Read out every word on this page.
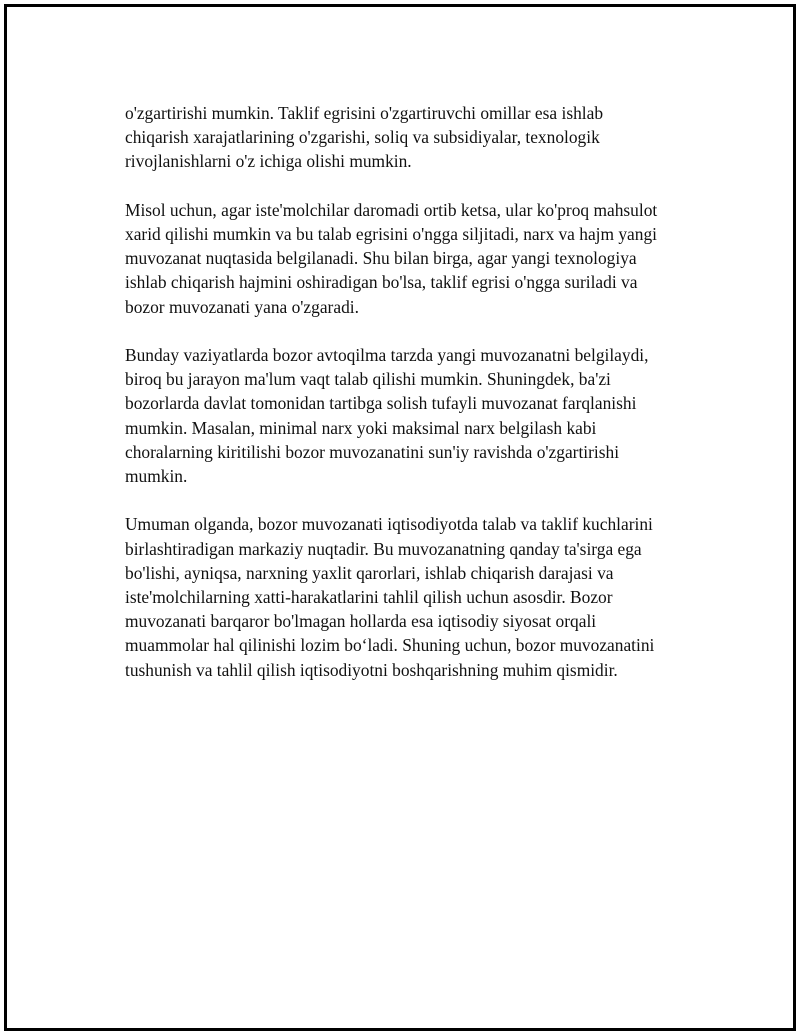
o'zgartirishi mumkin. Taklif egrisini o'zgartiruvchi omillar esa ishlab
chiqarish xarajatlarining o'zgarishi, soliq va subsidiyalar, texnologik
rivojlanishlarni o'z ichiga olishi mumkin.

Misol uchun, agar iste'molchilar daromadi ortib ketsa, ular ko'proq mahsulot
xarid qilishi mumkin va bu talab egrisini o'ngga siljitadi, narx va hajm yangi
muvozanat nuqtasida belgilanadi. Shu bilan birga, agar yangi texnologiya
ishlab chiqarish hajmini oshiradigan bo'lsa, taklif egrisi o'ngga suriladi va
bozor muvozanati yana o'zgaradi.

Bunday vaziyatlarda bozor avtoqilma tarzda yangi muvozanatni belgilaydi,
biroq bu jarayon ma'lum vaqt talab qilishi mumkin. Shuningdek, ba'zi
bozorlarda davlat tomonidan tartibga solish tufayli muvozanat farqlanishi
mumkin. Masalan, minimal narx yoki maksimal narx belgilash kabi
choralarning kiritilishi bozor muvozanatini sun'iy ravishda o'zgartirishi
mumkin.

Umuman olganda, bozor muvozanati iqtisodiyotda talab va taklif kuchlarini
birlashtiradigan markaziy nuqtadir. Bu muvozanatning qanday ta'sirga ega
bo'lishi, ayniqsa, narxning yaxlit qarorlari, ishlab chiqarish darajasi va
iste'molchilarning xatti-harakatlarini tahlil qilish uchun asosdir. Bozor
muvozanati barqaror bo'lmagan hollarda esa iqtisodiy siyosat orqali
muammolar hal qilinishi lozim bo‘ladi. Shuning uchun, bozor muvozanatini
tushunish va tahlil qilish iqtisodiyotni boshqarishning muhim qismidir.
